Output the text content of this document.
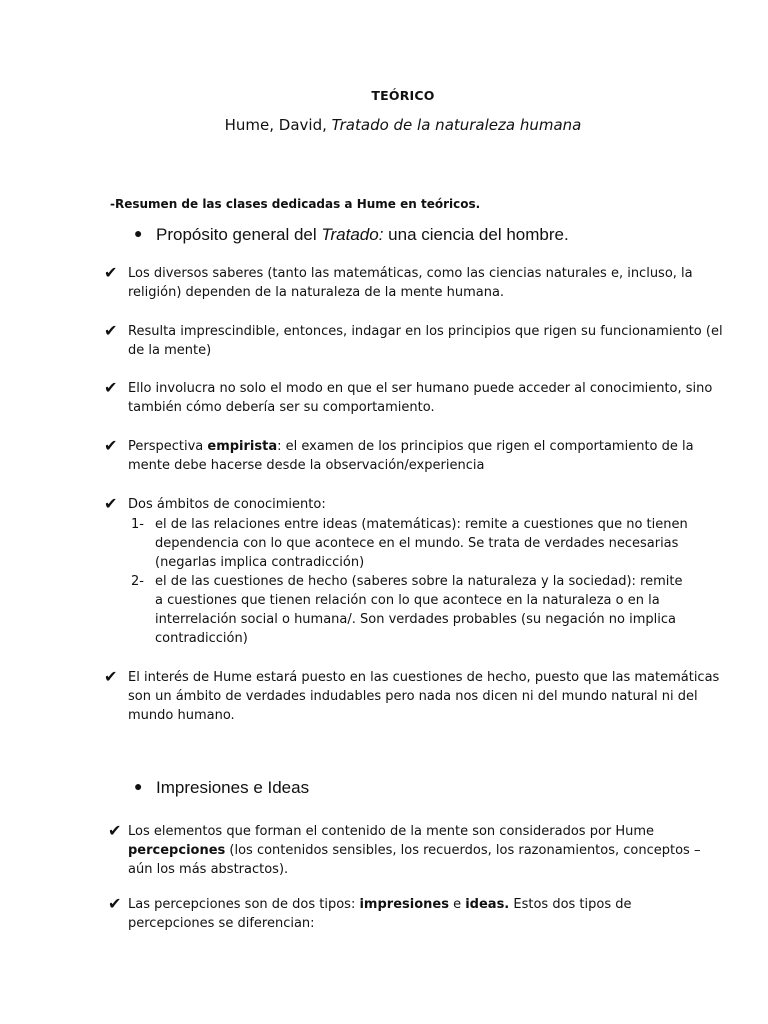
TEÓRICO
Hume, David, Tratado de la naturaleza humana
-Resumen de las clases dedicadas a Hume en teóricos.
● Propósito general del Tratado: una ciencia del hombre.
✔ Los diversos saberes (tanto las matemáticas, como las ciencias naturales e, incluso, la religión) dependen de la naturaleza de la mente humana.
✔ Resulta imprescindible, entonces, indagar en los principios que rigen su funcionamiento (el de la mente)
✔ Ello involucra no solo el modo en que el ser humano puede acceder al conocimiento, sino también cómo debería ser su comportamiento.
✔ Perspectiva empirista: el examen de los principios que rigen el comportamiento de la mente debe hacerse desde la observación/experiencia
✔ Dos ámbitos de conocimiento:
1- el de las relaciones entre ideas (matemáticas): remite a cuestiones que no tienen dependencia con lo que acontece en el mundo. Se trata de verdades necesarias (negarlas implica contradicción)
2- el de las cuestiones de hecho (saberes sobre la naturaleza y la sociedad): remite a cuestiones que tienen relación con lo que acontece en la naturaleza o en la interrelación social o humana/. Son verdades probables (su negación no implica contradicción)
✔ El interés de Hume estará puesto en las cuestiones de hecho, puesto que las matemáticas son un ámbito de verdades indudables pero nada nos dicen ni del mundo natural ni del mundo humano.
● Impresiones e Ideas
✔ Los elementos que forman el contenido de la mente son considerados por Hume percepciones (los contenidos sensibles, los recuerdos, los razonamientos, conceptos –aún los más abstractos).
✔ Las percepciones son de dos tipos: impresiones e ideas. Estos dos tipos de percepciones se diferencian:
